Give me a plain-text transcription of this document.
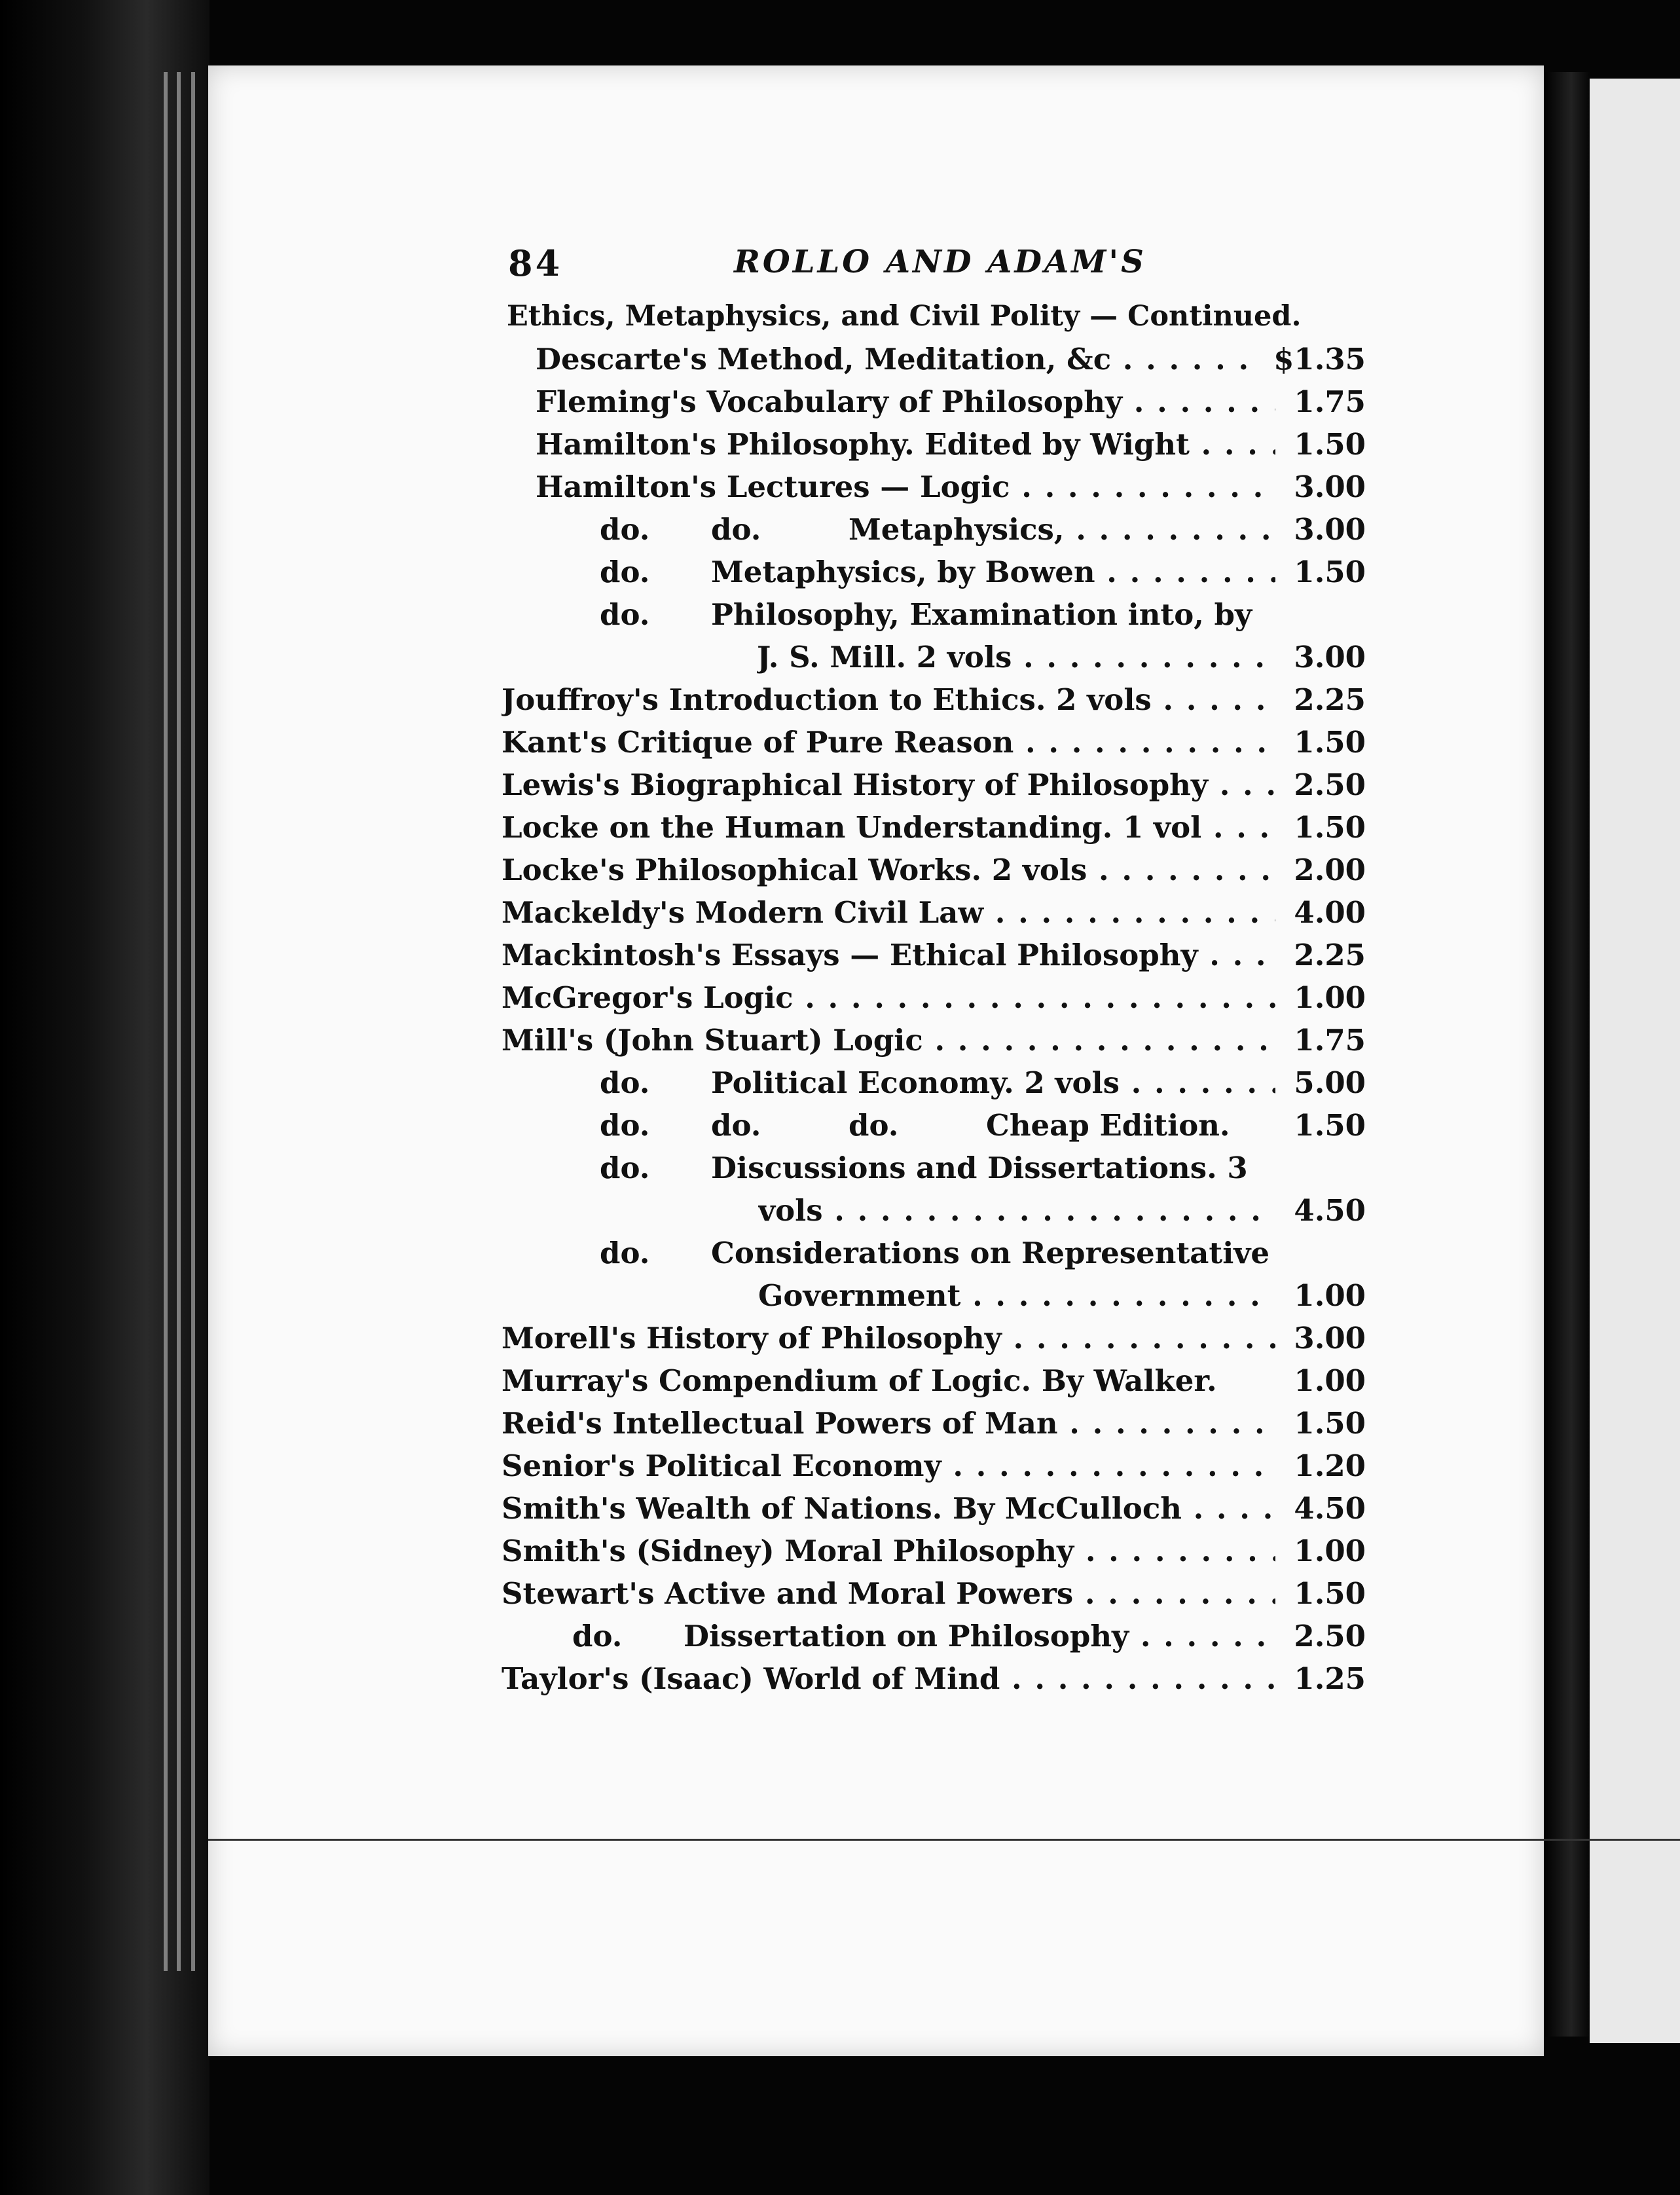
84	ROLLO AND ADAM'S
Ethics, Metaphysics, and Civil Polity — Continued.
Descarte's Method, Meditation, &c . . .	$1.35
Fleming's Vocabulary of Philosophy . . .	1.75
Hamilton's Philosophy. Edited by Wight . . .	1.50
Hamilton's Lectures — Logic . . .	3.00
do. do.	Metaphysics, . . .	3.00
do. Metaphysics, by Bowen . . .	1.50
do. Philosophy, Examination into, by
J. S. Mill. 2 vols . . .	3.00
Jouffroy's Introduction to Ethics. 2 vols . . .	2.25
Kant's Critique of Pure Reason . . .	1.50
Lewis's Biographical History of Philosophy . . .	2.50
Locke on the Human Understanding. 1 vol . . .	1.50
Locke's Philosophical Works. 2 vols . . .	2.00
Mackeldy's Modern Civil Law . . .	4.00
Mackintosh's Essays — Ethical Philosophy . . .	2.25
McGregor's Logic . . .	1.00
Mill's (John Stuart) Logic . . .	1.75
do. Political Economy. 2 vols . . .	5.00
do. do.	do.	Cheap Edition.	1.50
do. Discussions and Dissertations. 3
vols . . .	4.50
do. Considerations on Representative
Government . . .	1.00
Morell's History of Philosophy . . .	3.00
Murray's Compendium of Logic. By Walker.	1.00
Reid's Intellectual Powers of Man . . .	1.50
Senior's Political Economy . . .	1.20
Smith's Wealth of Nations. By McCulloch . . .	4.50
Smith's (Sidney) Moral Philosophy . . .	1.00
Stewart's Active and Moral Powers . . .	1.50
do. Dissertation on Philosophy . . .	2.50
Taylor's (Isaac) World of Mind . . .	1.25
